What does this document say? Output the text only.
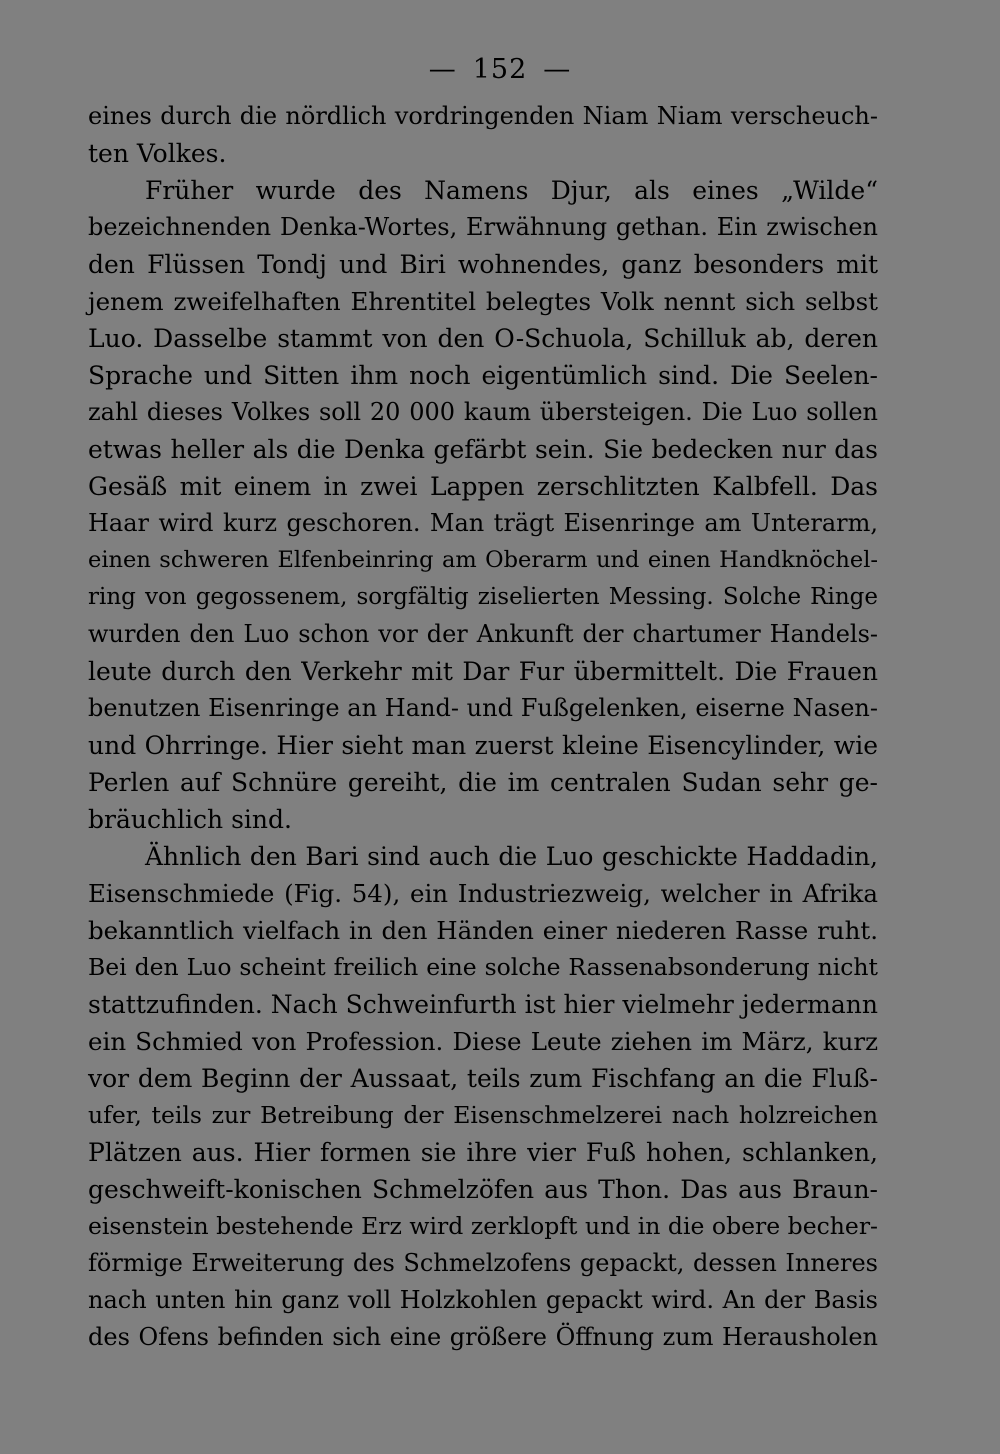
— 152 —
eines durch die nördlich vordringenden Niam Niam verscheuch-
ten Volkes.
Früher wurde des Namens Djur, als eines „Wilde“
bezeichnenden Denka-Wortes, Erwähnung gethan. Ein zwischen
den Flüssen Tondj und Biri wohnendes, ganz besonders mit
jenem zweifelhaften Ehrentitel belegtes Volk nennt sich selbst
Luo. Dasselbe stammt von den O-Schuola, Schilluk ab, deren
Sprache und Sitten ihm noch eigentümlich sind. Die Seelen-
zahl dieses Volkes soll 20 000 kaum übersteigen. Die Luo sollen
etwas heller als die Denka gefärbt sein. Sie bedecken nur das
Gesäß mit einem in zwei Lappen zerschlitzten Kalbfell. Das
Haar wird kurz geschoren. Man trägt Eisenringe am Unterarm,
einen schweren Elfenbeinring am Oberarm und einen Handknöchel-
ring von gegossenem, sorgfältig ziselierten Messing. Solche Ringe
wurden den Luo schon vor der Ankunft der chartumer Handels-
leute durch den Verkehr mit Dar Fur übermittelt. Die Frauen
benutzen Eisenringe an Hand- und Fußgelenken, eiserne Nasen-
und Ohrringe. Hier sieht man zuerst kleine Eisencylinder, wie
Perlen auf Schnüre gereiht, die im centralen Sudan sehr ge-
bräuchlich sind.
Ähnlich den Bari sind auch die Luo geschickte Haddadin,
Eisenschmiede (Fig. 54), ein Industriezweig, welcher in Afrika
bekanntlich vielfach in den Händen einer niederen Rasse ruht.
Bei den Luo scheint freilich eine solche Rassenabsonderung nicht
stattzufinden. Nach Schweinfurth ist hier vielmehr jedermann
ein Schmied von Profession. Diese Leute ziehen im März, kurz
vor dem Beginn der Aussaat, teils zum Fischfang an die Fluß-
ufer, teils zur Betreibung der Eisenschmelzerei nach holzreichen
Plätzen aus. Hier formen sie ihre vier Fuß hohen, schlanken,
geschweift-konischen Schmelzöfen aus Thon. Das aus Braun-
eisenstein bestehende Erz wird zerklopft und in die obere becher-
förmige Erweiterung des Schmelzofens gepackt, dessen Inneres
nach unten hin ganz voll Holzkohlen gepackt wird. An der Basis
des Ofens befinden sich eine größere Öffnung zum Herausholen
